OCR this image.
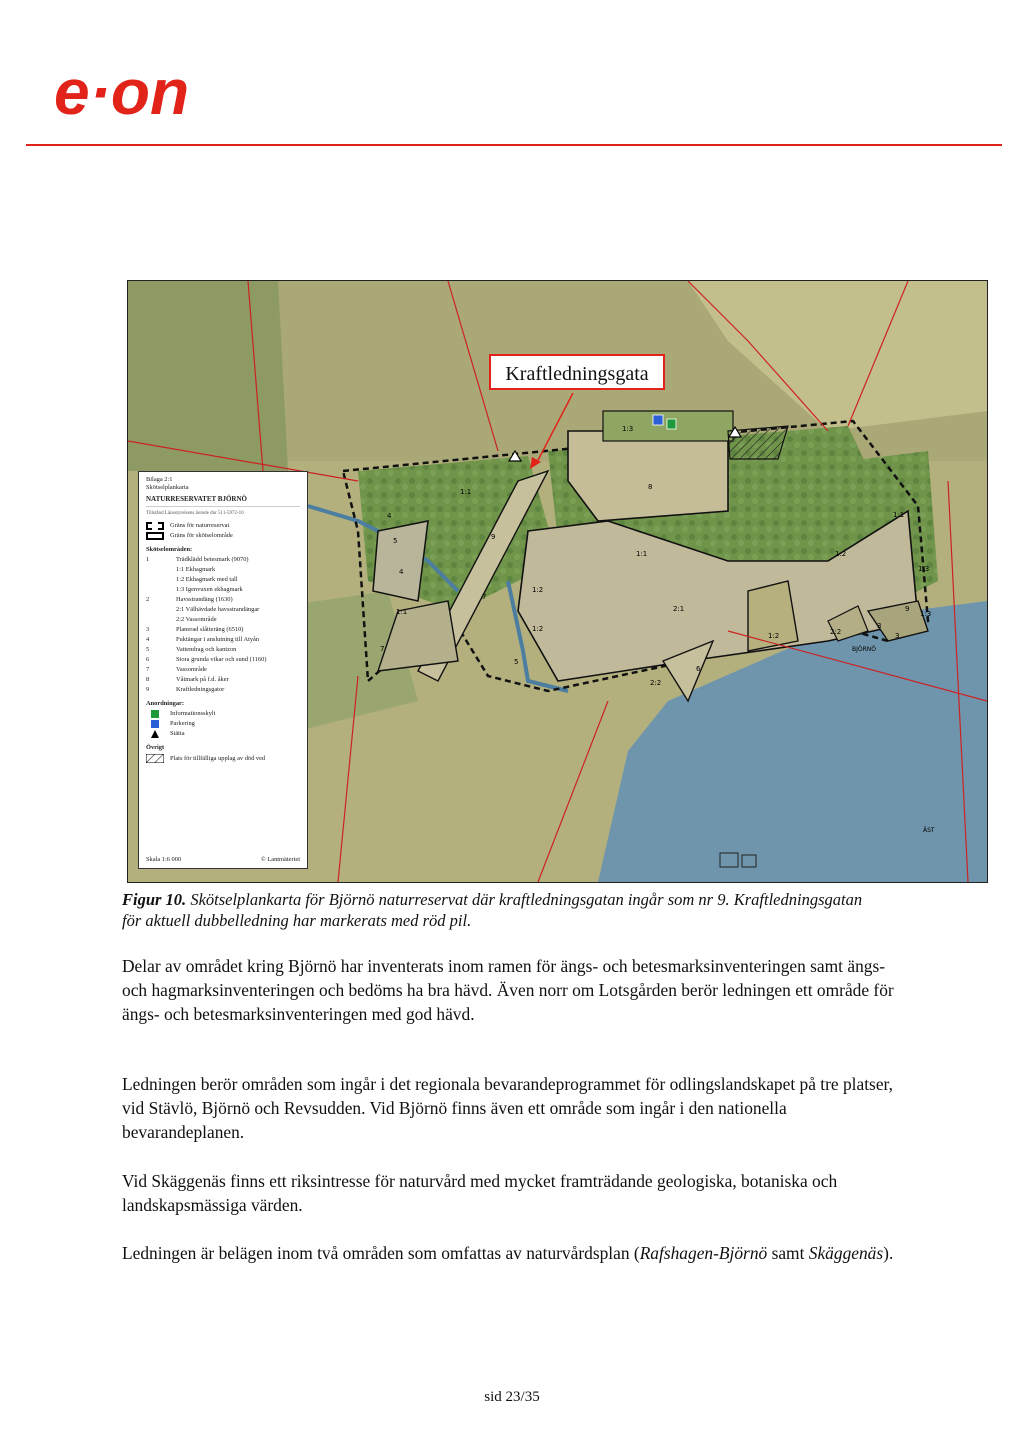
e·on
1:3
8
1:1
4
5
4
9
7
1:1
7
1:2
1:2
1:1
2:1
1:2
1:1
1:3
1:3
9
3
3
1:2	2:2
2:2
6
5
BJÖRNÖ
ÄST
Kraftledningsgata
Bilaga 2:1
Skötselplankarta
NATURRESERVATET BJÖRNÖ
Tillstånd Länsstyrelsens ärende dnr 511-5972-10
Gräns för naturreservat
Gräns för skötselområde
Skötselområden:
1	Trädklädd betesmark (9070)
1:1 Ekhagmark
1:2 Ekhagmark med tall
1:3 Igenvuxen ekhagmark
2	Havsstrandäng (1630)
2:1 Välhävdade havsstrandängar
2:2 Vassområde
3	Planerad slåtteräng (6510)
4	Fuktängar i anslutning till Atyån
5	Vattendrag och kantzon
6	Stora grunda vikar och sund (1160)
7	Vassområde
8	Våtmark på f.d. åker
9	Kraftledningsgator
Anordningar:
Informationsskylt
Parkering
Stätta
Övrigt
Plats för tillfälliga upplag av död ved
Skala 1:6 000	© Lantmäteriet
Figur 10. Skötselplankarta för Björnö naturreservat där kraftledningsgatan ingår som nr 9. Kraftledningsgatan för aktuell dubbelledning har markerats med röd pil.

Delar av området kring Björnö har inventerats inom ramen för ängs- och betesmarksinventeringen samt ängs- och hagmarksinventeringen och bedöms ha bra hävd. Även norr om Lotsgården berör ledningen ett område för ängs- och betesmarksinventeringen med god hävd.

Ledningen berör områden som ingår i det regionala bevarandeprogrammet för odlingslandskapet på tre platser, vid Stävlö, Björnö och Revsudden. Vid Björnö finns även ett område som ingår i den nationella bevarandeplanen.

Vid Skäggenäs finns ett riksintresse för naturvård med mycket framträdande geologiska, botaniska och landskapsmässiga värden.

Ledningen är belägen inom två områden som omfattas av naturvårdsplan (Rafshagen-Björnö samt Skäggenäs).

sid 23/35
